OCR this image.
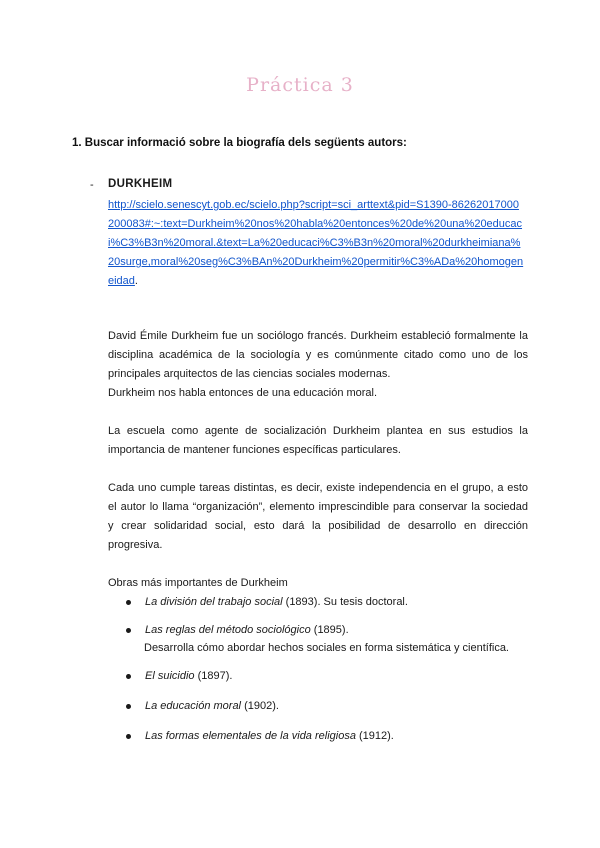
Práctica 3
1. Buscar informació sobre la biografía dels següents autors:
- DURKHEIM
http://scielo.senescyt.gob.ec/scielo.php?script=sci_arttext&pid=S1390-86262017000
200083#:~:text=Durkheim%20nos%20habla%20entonces%20de%20una%20educac
i%C3%B3n%20moral.&text=La%20educaci%C3%B3n%20moral%20durkheimiana%
20surge,moral%20seg%C3%BAn%20Durkheim%20permitir%C3%ADa%20homogen
eidad.
David Émile Durkheim fue un sociólogo francés. Durkheim estableció formalmente la
disciplina académica de la sociología y es comúnmente citado como uno de los
principales arquitectos de las ciencias sociales modernas.
Durkheim nos habla entonces de una educación moral.
La escuela como agente de socialización Durkheim plantea en sus estudios la
importancia de mantener funciones específicas particulares.
Cada uno cumple tareas distintas, es decir, existe independencia en el grupo, a esto
el autor lo llama “organización”, elemento imprescindible para conservar la sociedad
y crear solidaridad social, esto dará la posibilidad de desarrollo en dirección
progresiva.
Obras más importantes de Durkheim
La división del trabajo social (1893). Su tesis doctoral.
Las reglas del método sociológico (1895).
Desarrolla cómo abordar hechos sociales en forma sistemática y científica.
El suicidio (1897).
La educación moral (1902).
Las formas elementales de la vida religiosa (1912).
